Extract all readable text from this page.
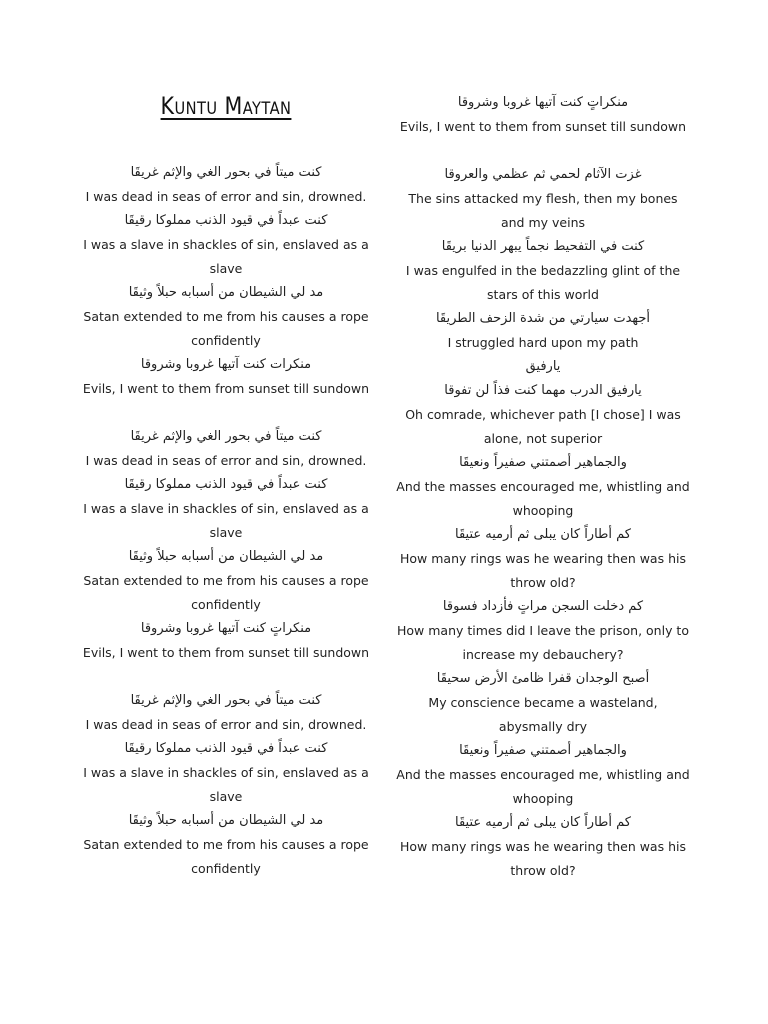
Kuntu Maytan
كنت ميتاً في بحور الغي والإثم غريقَا
I was dead in seas of error and sin, drowned.
كنت عبداً في قيود الذنب مملوكا رقيقَا
I was a slave in shackles of sin, enslaved as a slave
مد لي الشيطان من أسبابه حبلاً وثيقَا
Satan extended to me from his causes a rope confidently
منكرات كنت آتيها غروبا وشروقا
Evils, I went to them from sunset till sundown
كنت ميتاً في بحور الغي والإثم غريقَا
I was dead in seas of error and sin, drowned.
كنت عبداً في قيود الذنب مملوكا رقيقَا
I was a slave in shackles of sin, enslaved as a slave
مد لي الشيطان من أسبابه حبلاً وثيقَا
Satan extended to me from his causes a rope confidently
منكراتٍ كنت آتيها غروبا وشروقا
Evils, I went to them from sunset till sundown
كنت ميتاً في بحور الغي والإثم غريقَا
I was dead in seas of error and sin, drowned.
كنت عبداً في قيود الذنب مملوكا رقيقَا
I was a slave in shackles of sin, enslaved as a slave
مد لي الشيطان من أسبابه حبلاً وثيقَا
Satan extended to me from his causes a rope confidently
منكراتٍ كنت آتيها غروبا وشروقا
Evils, I went to them from sunset till sundown
غزت الآثام لحمي ثم عظمي والعروقا
The sins attacked my flesh, then my bones and my veins
كنت في التفحيط نجماً يبهر الدنيا بريقَا
I was engulfed in the bedazzling glint of the stars of this world
أجهدت سيارتي من شدة الزحف الطريقَا
I struggled hard upon my path
يارفيق
يارفيق الدرب مهما كنت فذاً لن تفوقا
Oh comrade, whichever path [I chose] I was alone, not superior
والجماهير أصمتني صفيراً ونعيقَا
And the masses encouraged me, whistling and whooping
كم أطاراً كان يبلى ثم أرميه عتيقَا
How many rings was he wearing then was his throw old?
كم دخلت السجن مراتٍ فأزداد فسوقا
How many times did I leave the prison, only to increase my debauchery?
أصبح الوجدان قفرا ظامئ الأرض سحيقَا
My conscience became a wasteland, abysmally dry
والجماهير أصمتني صفيراً ونعيقَا
And the masses encouraged me, whistling and whooping
كم أطاراً كان يبلى ثم أرميه عتيقَا
How many rings was he wearing then was his throw old?
